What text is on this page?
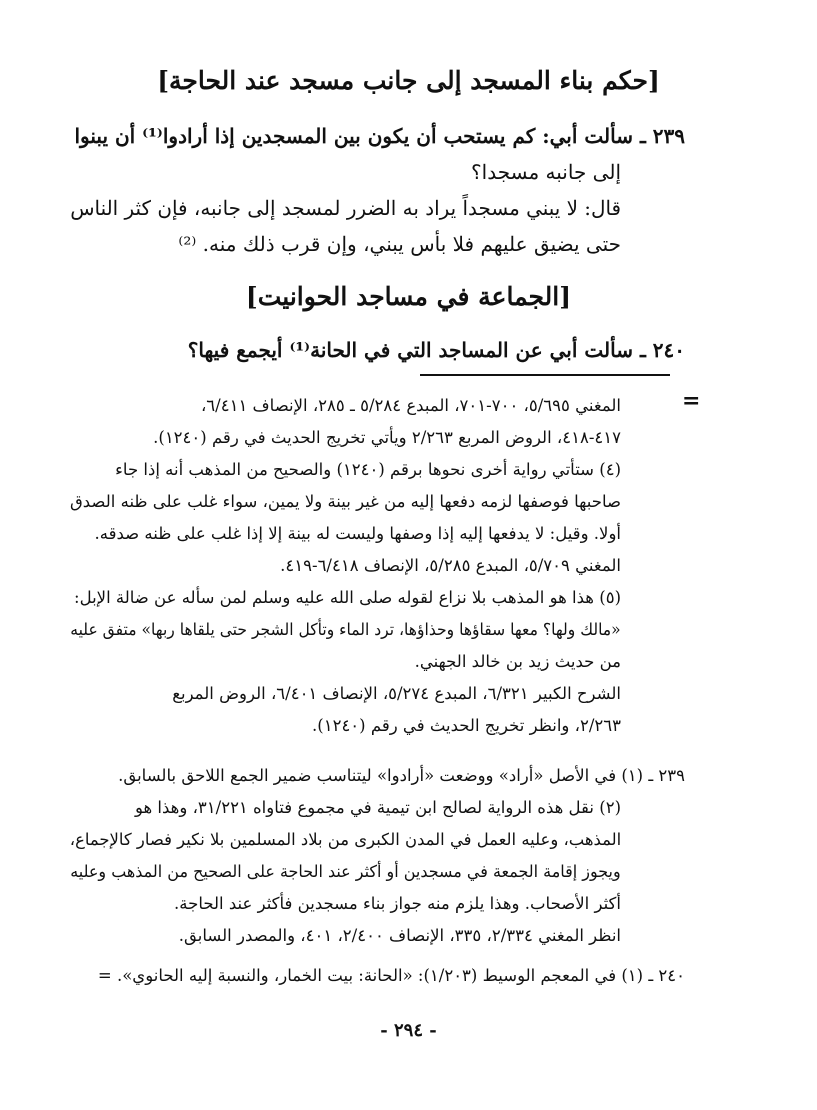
[حكم بناء المسجد إلى جانب مسجد عند الحاجة]
٢٣٩ ـ سألت أبي: كم يستحب أن يكون بين المسجدين إذا أرادوا⁽¹⁾ أن يبنوا
إلى جانبه مسجدا؟
قال: لا يبني مسجداً يراد به الضرر لمسجد إلى جانبه، فإن كثر الناس
حتى يضيق عليهم فلا بأس يبني، وإن قرب ذلك منه. ⁽²⁾
[الجماعة في مساجد الحوانيت]
٢٤٠ ـ سألت أبي عن المساجد التي في الحانة⁽¹⁾ أيجمع فيها؟
=
المغني ٥/٦٩٥، ٧٠٠-٧٠١، المبدع ٥/٢٨٤ ـ ٢٨٥، الإنصاف ٦/٤١١،
٤١٧-٤١٨، الروض المربع ٢/٢٦٣ ويأتي تخريج الحديث في رقم (١٢٤٠).
(٤) ستأتي رواية أخرى نحوها برقم (١٢٤٠) والصحيح من المذهب أنه إذا جاء
صاحبها فوصفها لزمه دفعها إليه من غير بينة ولا يمين، سواء غلب على ظنه الصدق
أولا. وقيل: لا يدفعها إليه إذا وصفها وليست له بينة إلا إذا غلب على ظنه صدقه.
المغني ٥/٧٠٩، المبدع ٥/٢٨٥، الإنصاف ٦/٤١٨-٤١٩.
(٥) هذا هو المذهب بلا نزاع لقوله صلى الله عليه وسلم لمن سأله عن ضالة الإبل:
«مالك ولها؟ معها سقاؤها وحذاؤها، ترد الماء وتأكل الشجر حتى يلقاها ربها» متفق عليه
من حديث زيد بن خالد الجهني.
الشرح الكبير ٦/٣٢١، المبدع ٥/٢٧٤، الإنصاف ٦/٤٠١، الروض المربع
٢/٢٦٣، وانظر تخريج الحديث في رقم (١٢٤٠).
٢٣٩ ـ (١) في الأصل «أراد» ووضعت «أرادوا» ليتناسب ضمير الجمع اللاحق بالسابق.
(٢) نقل هذه الرواية لصالح ابن تيمية في مجموع فتاواه ٣١/٢٢١، وهذا هو
المذهب، وعليه العمل في المدن الكبرى من بلاد المسلمين بلا نكير فصار كالإجماع،
ويجوز إقامة الجمعة في مسجدين أو أكثر عند الحاجة على الصحيح من المذهب وعليه
أكثر الأصحاب. وهذا يلزم منه جواز بناء مسجدين فأكثر عند الحاجة.
انظر المغني ٢/٣٣٤، ٣٣٥، الإنصاف ٢/٤٠٠، ٤٠١، والمصدر السابق.
٢٤٠ ـ (١) في المعجم الوسيط (١/٢٠٣): «الحانة: بيت الخمار، والنسبة إليه الحانوي». =
- ٢٩٤ -
